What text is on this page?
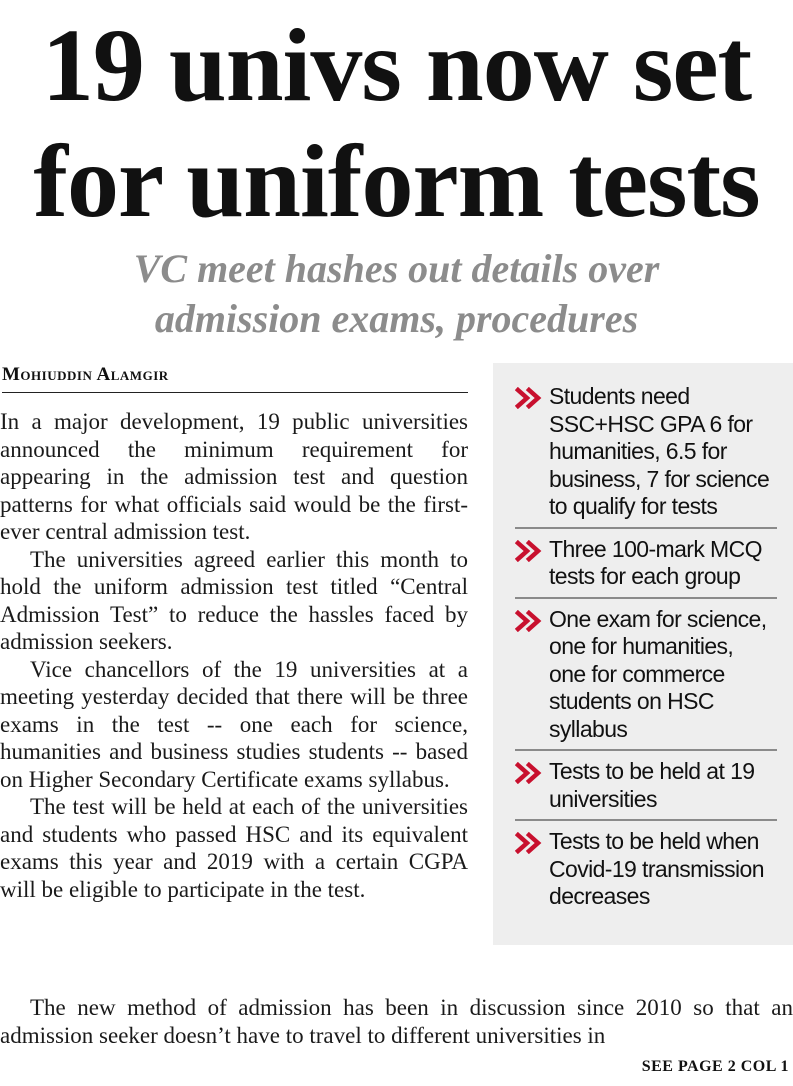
19 univs now set
for uniform tests
VC meet hashes out details over
admission exams, procedures
Mohiuddin Alamgir

In a major development, 19 public universities announced the minimum requirement for appearing in the admission test and question patterns for what officials said would be the first-ever central admission test.

The universities agreed earlier this month to hold the uniform admission test titled “Central Admission Test” to reduce the hassles faced by admission seekers.

Vice chancellors of the 19 universities at a meeting yesterday decided that there will be three exams in the test -- one each for science, humanities and business studies students -- based on Higher Secondary Certificate exams syllabus.

The test will be held at each of the universities and students who passed HSC and its equivalent exams this year and 2019 with a certain CGPA will be eligible to participate in the test.

The new method of admission has been in discussion since 2010 so that an admission seeker doesn’t have to travel to different universities in

SEE PAGE 2 COL 1
Students need
SSC+HSC GPA 6 for
humanities, 6.5 for
business, 7 for science
to qualify for tests
Three 100-mark MCQ
tests for each group
One exam for science,
one for humanities,
one for commerce
students on HSC
syllabus
Tests to be held at 19
universities
Tests to be held when
Covid-19 transmission
decreases
